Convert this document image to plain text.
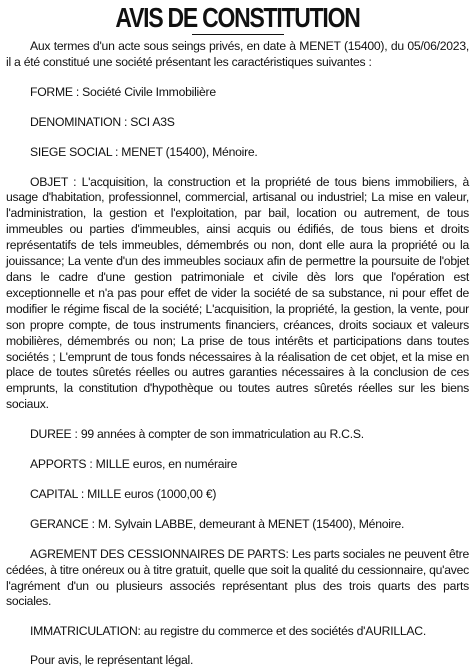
AVIS DE CONSTITUTION

Aux termes d'un acte sous seings privés, en date à MENET (15400), du 05/06/2023, il a été constitué une société présentant les caractéristiques suivantes :

FORME : Société Civile Immobilière

DENOMINATION : SCI A3S

SIEGE SOCIAL : MENET (15400), Ménoire.

OBJET : L'acquisition, la construction et la propriété de tous biens immobiliers, à usage d'habitation, professionnel, commercial, artisanal ou industriel; La mise en valeur, l'administration, la gestion et l'exploitation, par bail, location ou autrement, de tous immeubles ou parties d'immeubles, ainsi acquis ou édifiés, de tous biens et droits représentatifs de tels immeubles, démembrés ou non, dont elle aura la propriété ou la jouissance; La vente d'un des immeubles sociaux afin de permettre la poursuite de l'objet dans le cadre d'une gestion patrimoniale et civile dès lors que l'opération est exceptionnelle et n'a pas pour effet de vider la société de sa substance, ni pour effet de modifier le régime fiscal de la société; L'acquisition, la propriété, la gestion, la vente, pour son propre compte, de tous instruments financiers, créances, droits sociaux et valeurs mobilières, démembrés ou non; La prise de tous intérêts et participations dans toutes sociétés ; L'emprunt de tous fonds nécessaires à la réalisation de cet objet, et la mise en place de toutes sûretés réelles ou autres garanties nécessaires à la conclusion de ces emprunts, la constitution d'hypothèque ou toutes autres sûretés réelles sur les biens sociaux.

DUREE : 99 années à compter de son immatriculation au R.C.S.

APPORTS : MILLE euros, en numéraire

CAPITAL : MILLE euros (1000,00 €)

GERANCE : M. Sylvain LABBE, demeurant à MENET (15400), Ménoire.

AGREMENT DES CESSIONNAIRES DE PARTS: Les parts sociales ne peuvent être cédées, à titre onéreux ou à titre gratuit, quelle que soit la qualité du cessionnaire, qu'avec l'agrément d'un ou plusieurs associés représentant plus des trois quarts des parts sociales.

IMMATRICULATION: au registre du commerce et des sociétés d'AURILLAC.

Pour avis, le représentant légal.
